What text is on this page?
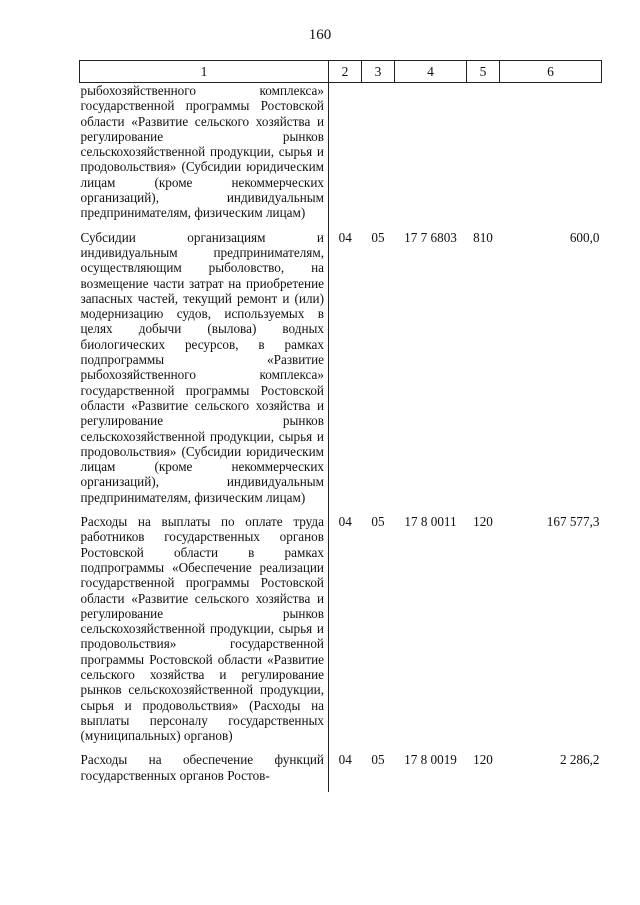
160
1	2	3	4	5	6
рыбохозяйственного комплекса» государственной программы Ростовской области «Развитие сельского хозяйства и регулирование рынков сельскохозяйственной продукции, сырья и продовольствия» (Субсидии юридическим лицам (кроме некоммерческих организаций), индивидуальным предпринимателям, физическим лицам)					
Субсидии организациям и индивидуальным предпринимателям, осуществляющим рыболовство, на возмещение части затрат на приобретение запасных частей, текущий ремонт и (или) модернизацию судов, используемых в целях добычи (вылова) водных биологических ресурсов, в рамках подпрограммы «Развитие рыбохозяйственного комплекса» государственной программы Ростовской области «Развитие сельского хозяйства и регулирование рынков сельскохозяйственной продукции, сырья и продовольствия» (Субсидии юридическим лицам (кроме некоммерческих организаций), индивидуальным предпринимателям, физическим лицам)	04	05	17 7 6803	810	600,0
Расходы на выплаты по оплате труда работников государственных органов Ростовской области в рамках подпрограммы «Обеспечение реализации государственной программы Ростовской области «Развитие сельского хозяйства и регулирование рынков сельскохозяйственной продукции, сырья и продовольствия» государственной программы Ростовской области «Развитие сельского хозяйства и регулирование рынков сельскохозяйственной продукции, сырья и продовольствия» (Расходы на выплаты персоналу государственных (муниципальных) органов)	04	05	17 8 0011	120	167 577,3
Расходы на обеспечение функций государственных органов Ростов-	04	05	17 8 0019	120	2 286,2
